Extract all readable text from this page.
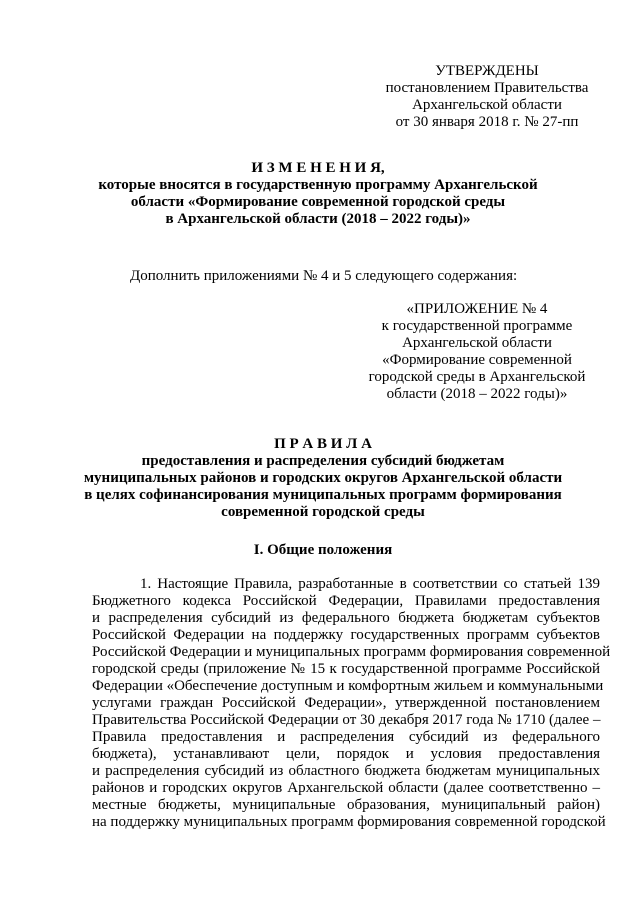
УТВЕРЖДЕНЫ
постановлением Правительства
Архангельской области
от 30 января 2018 г. № 27-пп
И З М Е Н Е Н И Я,
которые вносятся в государственную программу Архангельской
области «Формирование современной городской среды
в Архангельской области (2018 – 2022 годы)»
Дополнить приложениями № 4 и 5 следующего содержания:
«ПРИЛОЖЕНИЕ № 4
к государственной программе
Архангельской области
«Формирование современной
городской среды в Архангельской
области (2018 – 2022 годы)»
П Р А В И Л А
предоставления и распределения субсидий бюджетам
муниципальных районов и городских округов Архангельской области
в целях софинансирования муниципальных программ формирования
современной городской среды
I. Общие положения
1. Настоящие Правила, разработанные в соответствии со статьей 139
Бюджетного кодекса Российской Федерации, Правилами предоставления
и распределения субсидий из федерального бюджета бюджетам субъектов
Российской Федерации на поддержку государственных программ субъектов
Российской Федерации и муниципальных программ формирования современной
городской среды (приложение № 15 к государственной программе Российской
Федерации «Обеспечение доступным и комфортным жильем и коммунальными
услугами граждан Российской Федерации», утвержденной постановлением
Правительства Российской Федерации от 30 декабря 2017 года № 1710 (далее –
Правила предоставления и распределения субсидий из федерального
бюджета), устанавливают цели, порядок и условия предоставления
и распределения субсидий из областного бюджета бюджетам муниципальных
районов и городских округов Архангельской области (далее соответственно –
местные бюджеты, муниципальные образования, муниципальный район)
на поддержку муниципальных программ формирования современной городской
